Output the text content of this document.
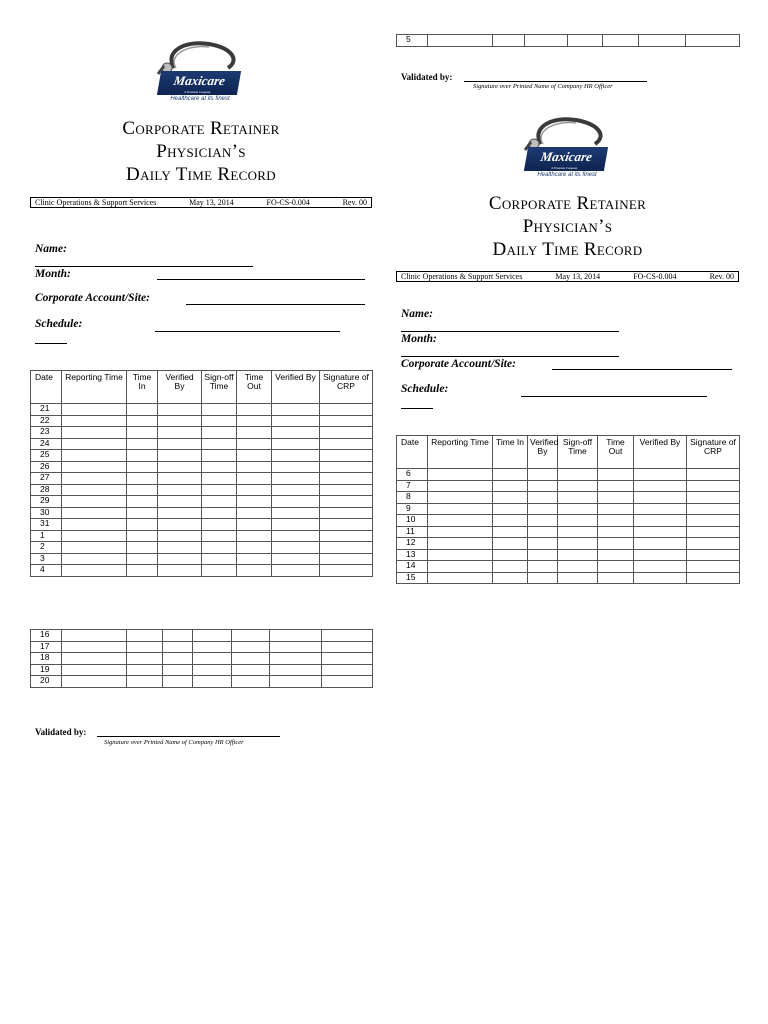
Maxicare
A Premium Company
Healthcare at its finest
Corporate Retainer
Physician’s
Daily Time Record
Clinic Operations & Support Services	May 13, 2014	FO-CS-0.004	Rev. 00
Name:
Month:
Corporate Account/Site:
Schedule:
Date	Reporting Time	Time In	Verified By	Sign-off Time	Time Out	Verified By	Signature of CRP
21							
22							
23							
24							
25							
26							
27							
28							
29							
30							
31							
1							
2							
3							
4							
16							
17							
18							
19							
20							
Validated by:
Signature over Printed Name of Company HR Officer
5							
Validated by:
Signature over Printed Name of Company HR Officer
Maxicare
A Premium Company
Healthcare at its finest
Corporate Retainer
Physician’s
Daily Time Record
Clinic Operations & Support Services	May 13, 2014	FO-CS-0.004	Rev. 00
Name:
Month:
Corporate Account/Site:
Schedule:
Date	Reporting Time	Time In	Verified By	Sign-off Time	Time Out	Verified By	Signature of CRP
6							
7							
8							
9							
10							
11							
12							
13							
14							
15							
